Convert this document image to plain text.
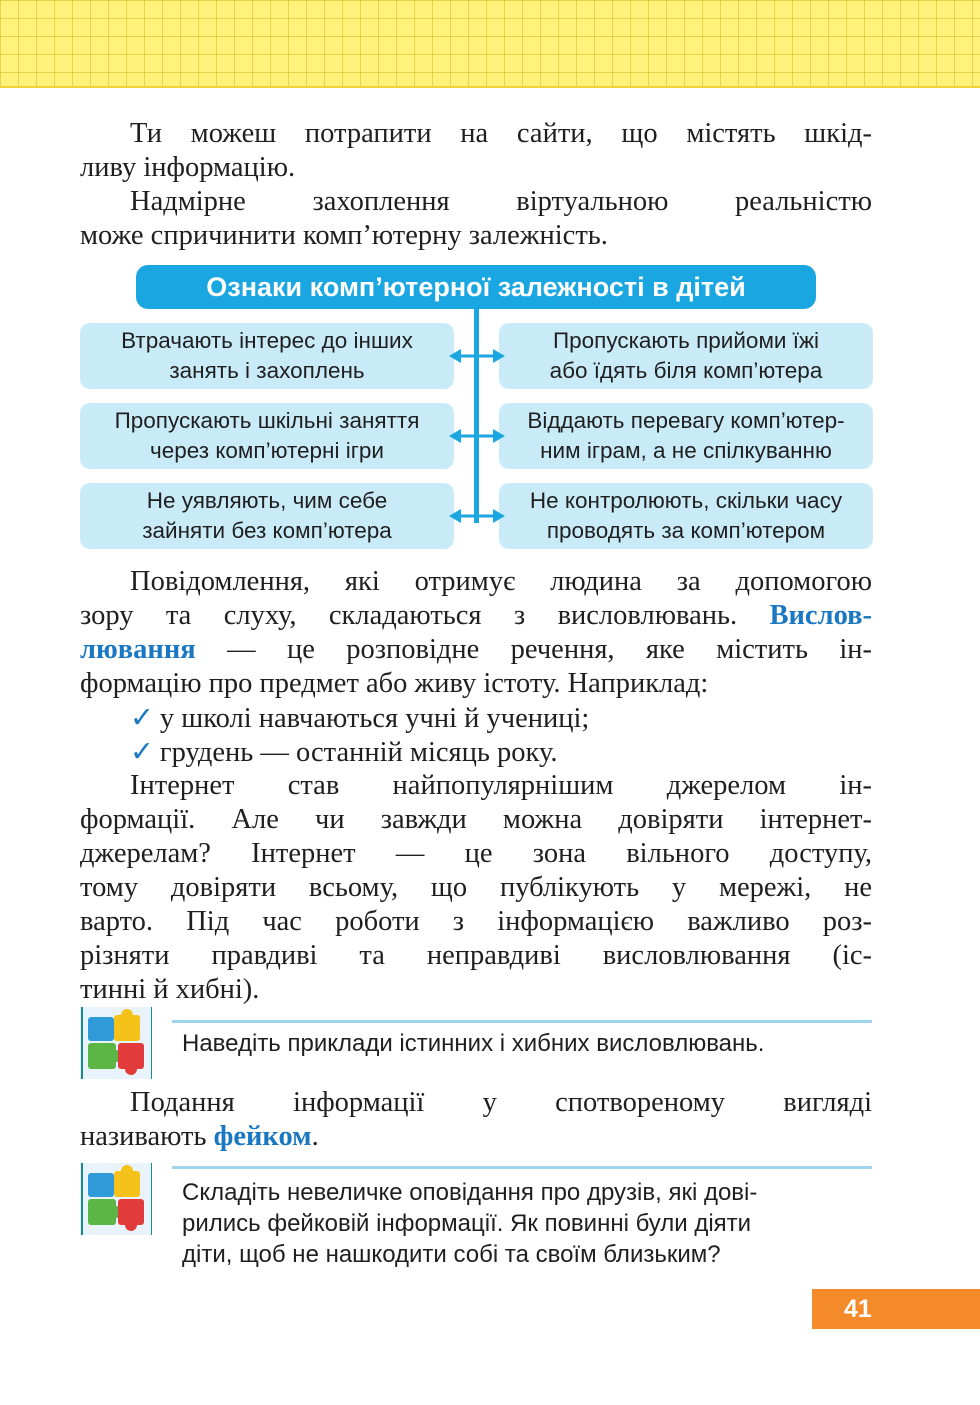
Ти можеш потрапити на сайти, що містять шкід-
ливу інформацію.
Надмірне захоплення віртуальною реальністю
може спричинити комп’ютерну залежність.
Ознаки комп’ютерної залежності в дітей
Втрачають інтерес до інших
занять і захоплень
Пропускають шкільні заняття
через комп’ютерні ігри
Не уявляють, чим себе
зайняти без комп’ютера
Пропускають прийоми їжі
або їдять біля комп’ютера
Віддають перевагу комп’ютер-
ним іграм, а не спілкуванню
Не контролюють, скільки часу
проводять за комп’ютером
Повідомлення, які отримує людина за допомогою
зору та слуху, складаються з висловлювань. Вислов-
лювання — це розповідне речення, яке містить ін-
формацію про предмет або живу істоту. Наприклад:
✓ у школі навчаються учні й учениці;
✓ грудень — останній місяць року.
Інтернет став найпопулярнішим джерелом ін-
формації. Але чи завжди можна довіряти інтернет-
джерелам? Інтернет — це зона вільного доступу,
тому довіряти всьому, що публікують у мережі, не
варто. Під час роботи з інформацією важливо роз-
різняти правдиві та неправдиві висловлювання (іс-
тинні й хибні).
Наведіть приклади істинних і хибних висловлювань.
Подання інформації у спотвореному вигляді
називають фейком.
Складіть невеличке оповідання про друзів, які дові-
рились фейковій інформації. Як повинні були діяти
діти, щоб не нашкодити собі та своїм близьким?
41
